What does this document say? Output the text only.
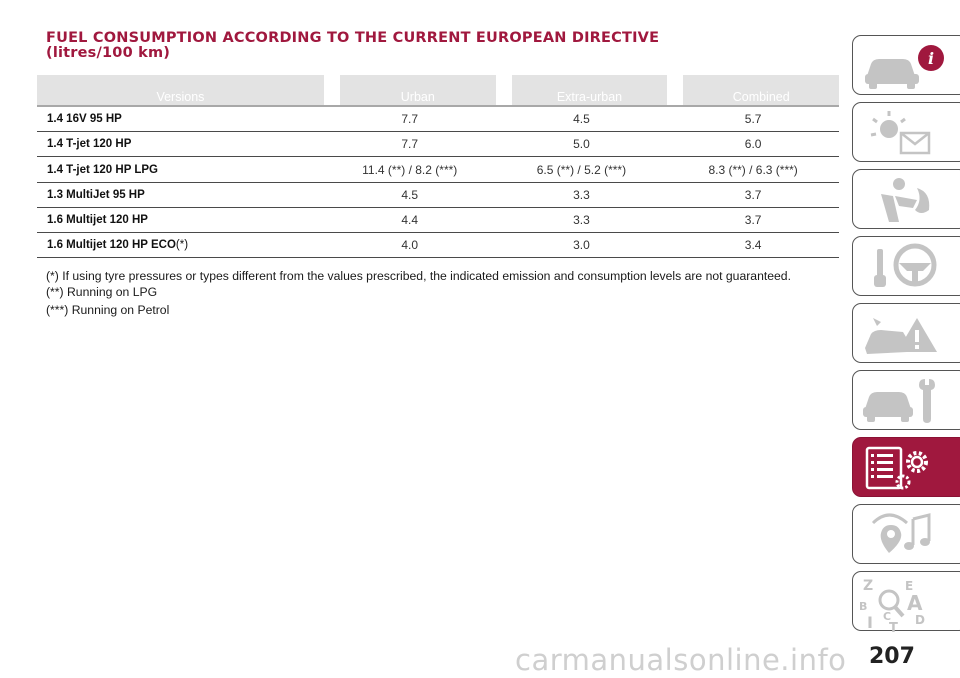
FUEL CONSUMPTION ACCORDING TO THE CURRENT EUROPEAN DIRECTIVE
(litres/100 km)
Versions		Urban		Extra-urban		Combined
1.4 16V 95 HP	7.7		4.5		5.7	
1.4 T-jet 120 HP	7.7		5.0		6.0	
1.4 T-jet 120 HP LPG	11.4 (**) / 8.2 (***)		6.5 (**) / 5.2 (***)		8.3 (**) / 6.3 (***)	
1.3 MultiJet 95 HP	4.5		3.3		3.7	
1.6 Multijet 120 HP	4.4		3.3		3.7	
1.6 Multijet 120 HP ECO(*)	4.0		3.0		3.4	
(*) If using tyre pressures or types different from the values prescribed, the indicated emission and consumption levels are not guaranteed.
(**) Running on LPG
(***) Running on Petrol
i
Z	E
A
B
C D
T
I
carmanualsonline.info 207
